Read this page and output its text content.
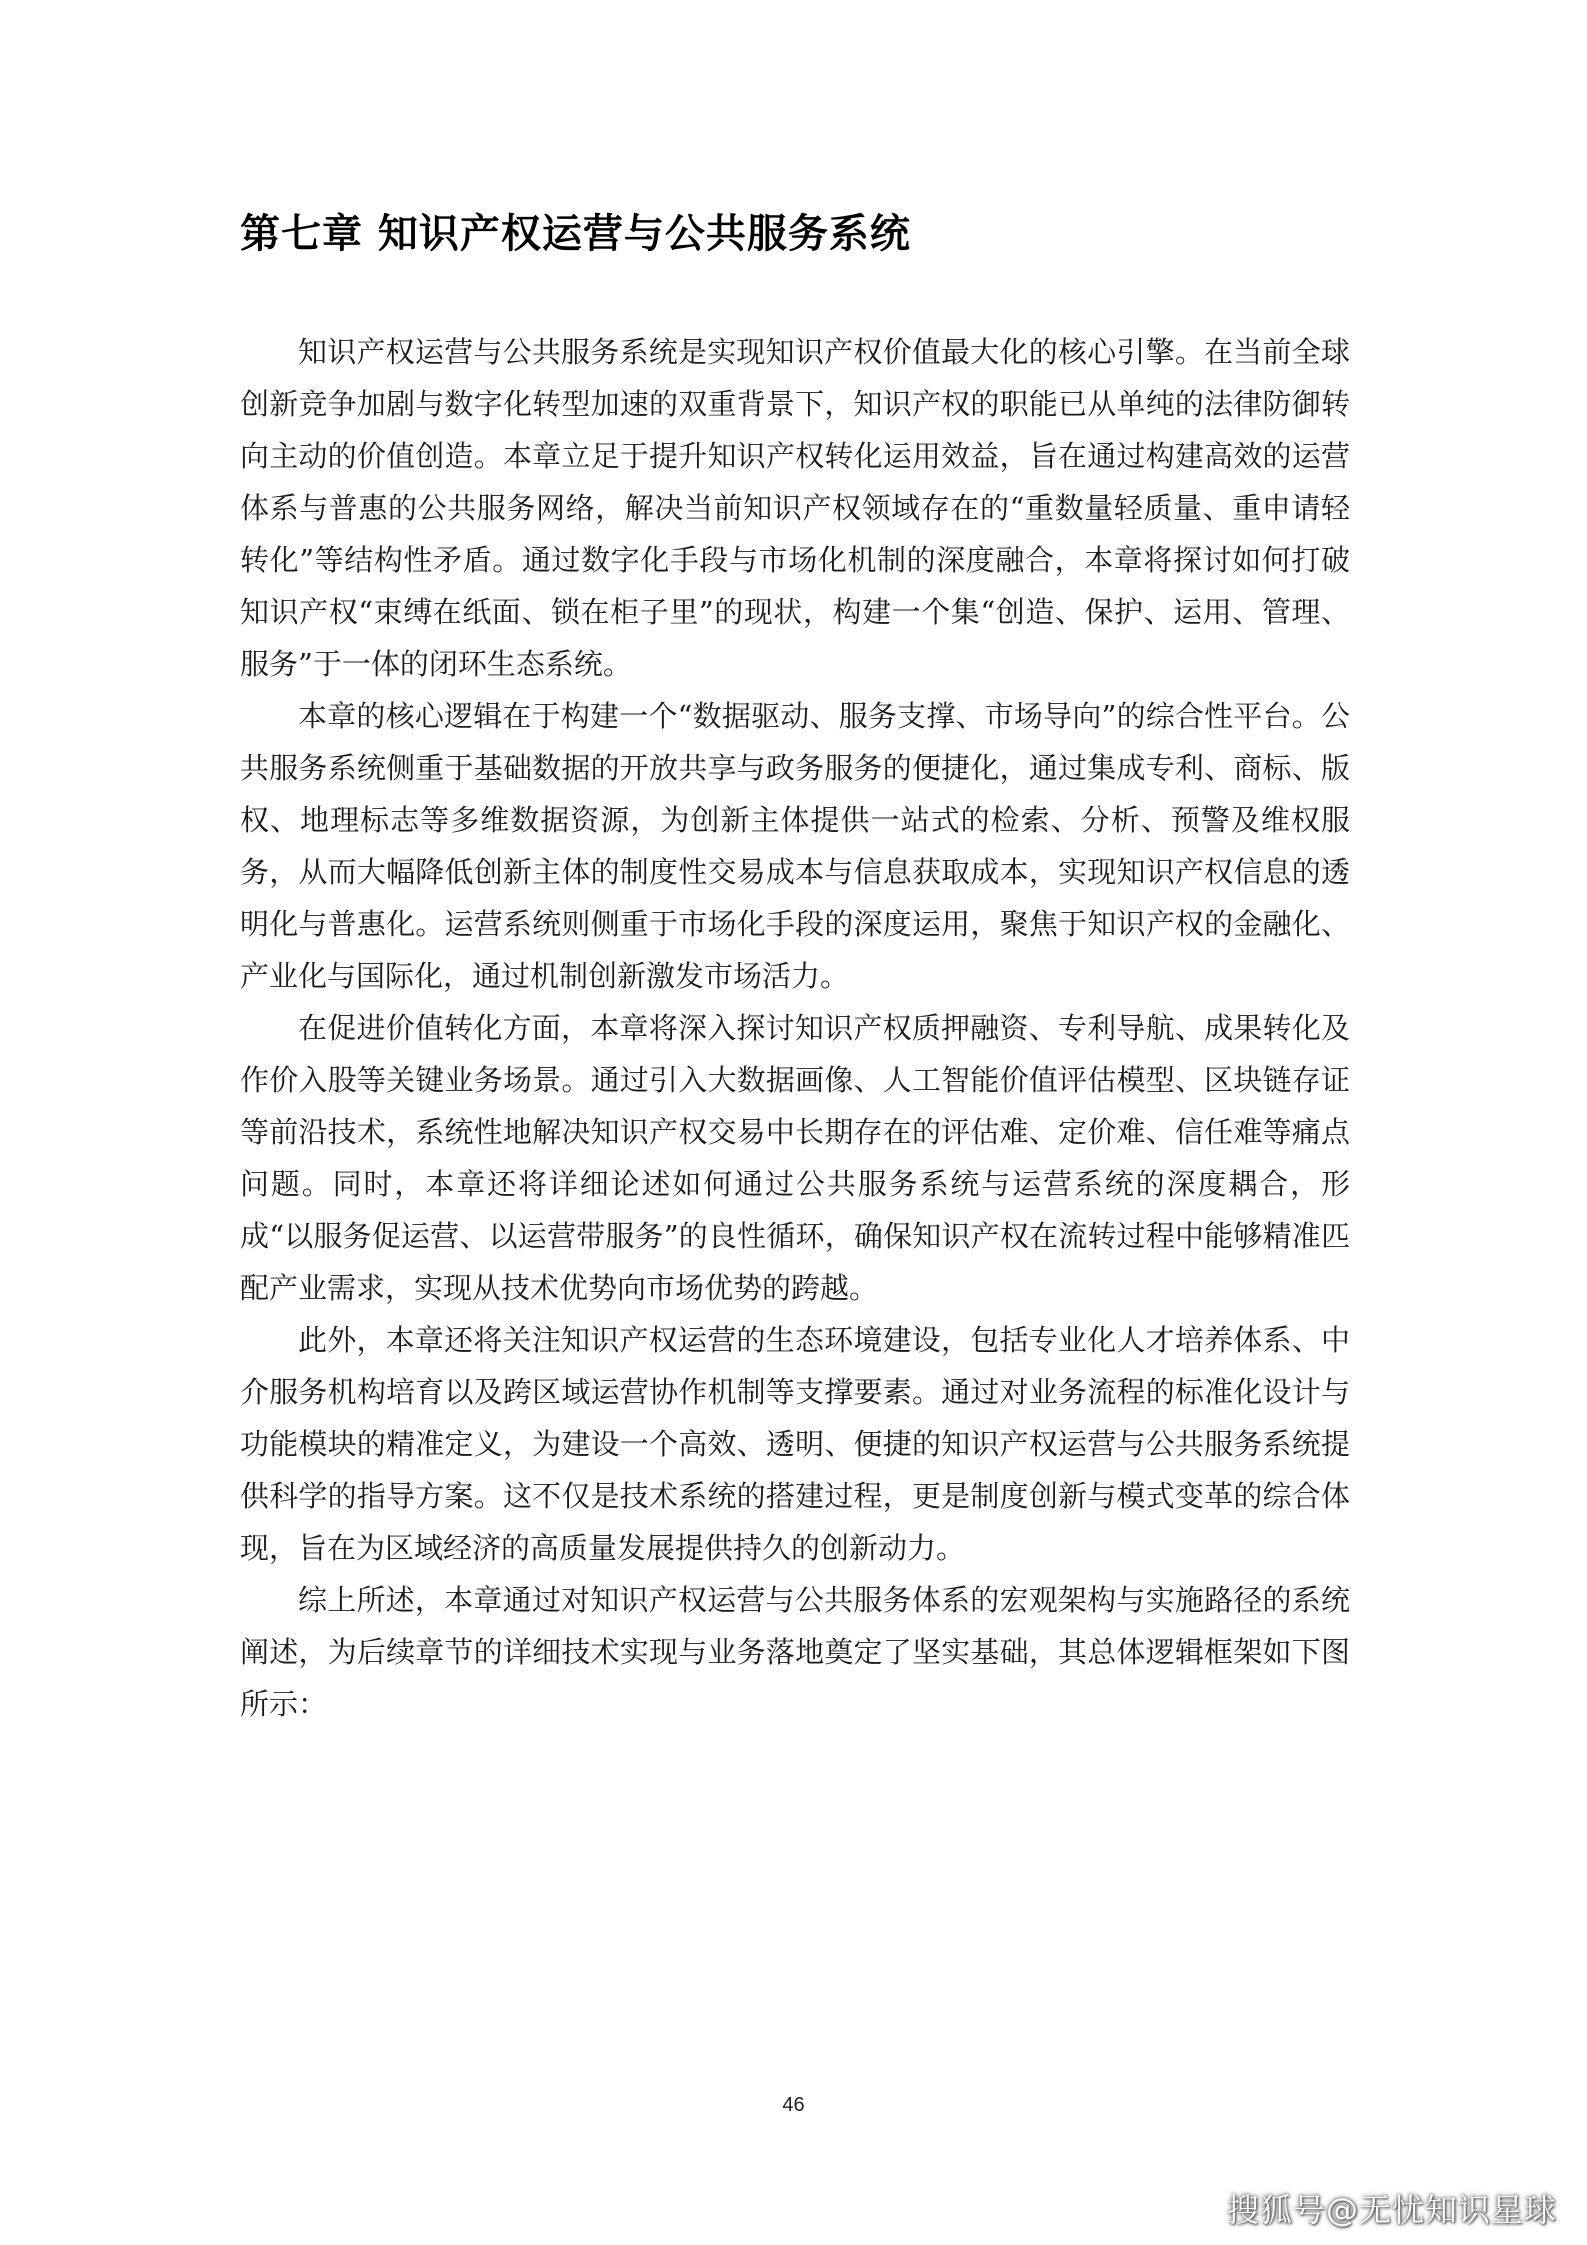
第七章 知识产权运营与公共服务系统

知识产权运营与公共服务系统是实现知识产权价值最大化的核心引擎。在当前全球创新竞争加剧与数字化转型加速的双重背景下，知识产权的职能已从单纯的法律防御转向主动的价值创造。本章立足于提升知识产权转化运用效益，旨在通过构建高效的运营体系与普惠的公共服务网络，解决当前知识产权领域存在的“重数量轻质量、重申请轻转化”等结构性矛盾。通过数字化手段与市场化机制的深度融合，本章将探讨如何打破知识产权“束缚在纸面、锁在柜子里”的现状，构建一个集“创造、保护、运用、管理、服务”于一体的闭环生态系统。

本章的核心逻辑在于构建一个“数据驱动、服务支撑、市场导向”的综合性平台。公共服务系统侧重于基础数据的开放共享与政务服务的便捷化，通过集成专利、商标、版权、地理标志等多维数据资源，为创新主体提供一站式的检索、分析、预警及维权服务，从而大幅降低创新主体的制度性交易成本与信息获取成本，实现知识产权信息的透明化与普惠化。运营系统则侧重于市场化手段的深度运用，聚焦于知识产权的金融化、产业化与国际化，通过机制创新激发市场活力。

在促进价值转化方面，本章将深入探讨知识产权质押融资、专利导航、成果转化及作价入股等关键业务场景。通过引入大数据画像、人工智能价值评估模型、区块链存证等前沿技术，系统性地解决知识产权交易中长期存在的评估难、定价难、信任难等痛点问题。同时，本章还将详细论述如何通过公共服务系统与运营系统的深度耦合，形成“以服务促运营、以运营带服务”的良性循环，确保知识产权在流转过程中能够精准匹配产业需求，实现从技术优势向市场优势的跨越。

此外，本章还将关注知识产权运营的生态环境建设，包括专业化人才培养体系、中介服务机构培育以及跨区域运营协作机制等支撑要素。通过对业务流程的标准化设计与功能模块的精准定义，为建设一个高效、透明、便捷的知识产权运营与公共服务系统提供科学的指导方案。这不仅是技术系统的搭建过程，更是制度创新与模式变革的综合体现，旨在为区域经济的高质量发展提供持久的创新动力。

综上所述，本章通过对知识产权运营与公共服务体系的宏观架构与实施路径的系统阐述，为后续章节的详细技术实现与业务落地奠定了坚实基础，其总体逻辑框架如下图所示：

46
搜狐号@无忧知识星球
